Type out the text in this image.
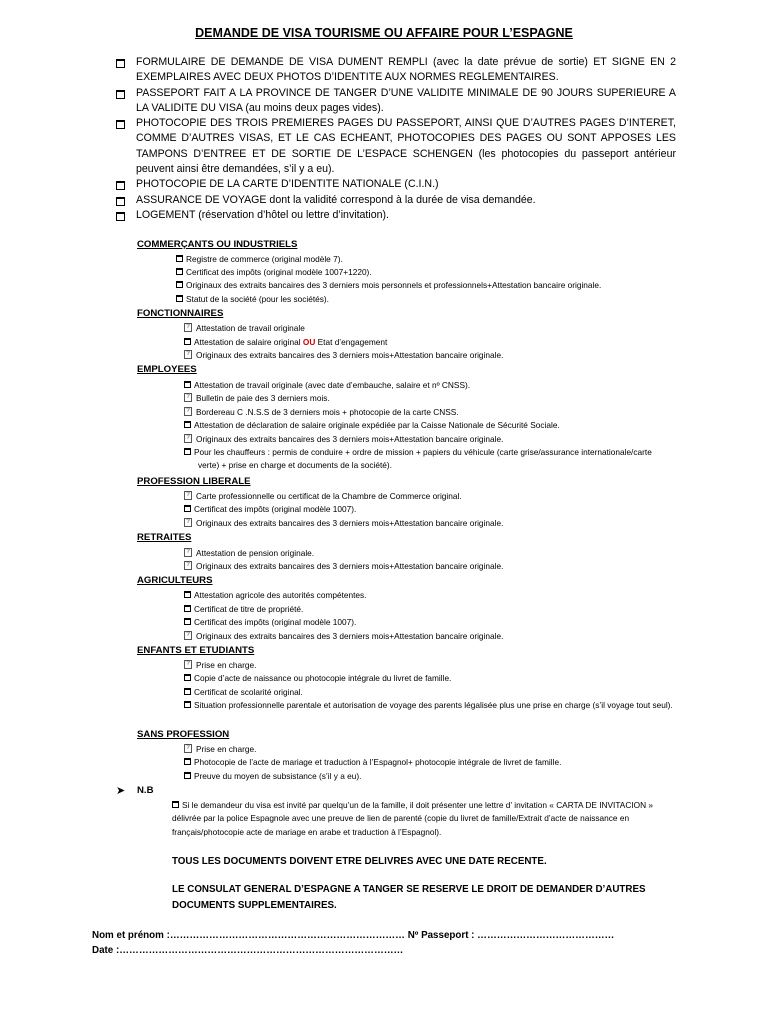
DEMANDE DE VISA TOURISME OU AFFAIRE POUR L’ESPAGNE
FORMULAIRE DE DEMANDE DE VISA DUMENT REMPLI (avec la date prévue de sortie) ET SIGNE EN 2 EXEMPLAIRES AVEC DEUX PHOTOS D’IDENTITE AUX NORMES REGLEMENTAIRES.
PASSEPORT FAIT A LA PROVINCE DE TANGER D’UNE VALIDITE MINIMALE DE 90 JOURS SUPERIEURE A LA VALIDITE DU VISA (au moins deux pages vides).
PHOTOCOPIE DES TROIS PREMIERES PAGES DU PASSEPORT, AINSI QUE D’AUTRES PAGES D’INTERET, COMME D’AUTRES VISAS, ET LE CAS ECHEANT, PHOTOCOPIES DES PAGES OU SONT APPOSES LES TAMPONS D’ENTREE ET DE SORTIE DE L’ESPACE SCHENGEN (les photocopies du passeport antérieur peuvent ainsi être demandées, s’il y a eu).
PHOTOCOPIE DE LA CARTE D’IDENTITE NATIONALE (C.I.N.)
ASSURANCE DE VOYAGE dont la validité correspond à la durée de visa demandée.
LOGEMENT (réservation d’hôtel ou lettre d’invitation).
COMMERÇANTS OU INDUSTRIELS
Registre de commerce (original modèle 7).
Certificat des impôts (original modèle 1007+1220).
Originaux des extraits bancaires des 3 derniers mois personnels et professionnels+Attestation bancaire originale.
Statut de la société (pour les sociétés).
FONCTIONNAIRES
?Attestation de travail originale
Attestation de salaire original OU Etat d’engagement
?Originaux des extraits bancaires des 3 derniers mois+Attestation bancaire originale.
EMPLOYEES
Attestation de travail originale (avec date d’embauche, salaire et nº CNSS).
?Bulletin de paie des 3 derniers mois.
?Bordereau C .N.S.S de 3 derniers mois + photocopie de la carte CNSS.
Attestation de déclaration de salaire originale expédiée par la Caisse Nationale de Sécurité Sociale.
?Originaux des extraits bancaires des 3 derniers mois+Attestation bancaire originale.
Pour les chauffeurs : permis de conduire + ordre de mission + papiers du véhicule (carte grise/assurance internationale/carte verte) + prise en charge et documents de la société).
PROFESSION LIBERALE
?Carte professionnelle ou certificat de la Chambre de Commerce original.
Certificat des impôts (original modèle 1007).
?Originaux des extraits bancaires des 3 derniers mois+Attestation bancaire originale.
RETRAITES
?Attestation de pension originale.
?Originaux des extraits bancaires des 3 derniers mois+Attestation bancaire originale.
AGRICULTEURS
Attestation agricole des autorités compétentes.
Certificat de titre de propriété.
Certificat des impôts (original modèle 1007).
?Originaux des extraits bancaires des 3 derniers mois+Attestation bancaire originale.
ENFANTS ET ETUDIANTS
?Prise en charge.
Copie d’acte de naissance ou photocopie intégrale du livret de famille.
Certificat de scolarité original.
Situation professionnelle parentale et autorisation de voyage des parents légalisée plus une prise en charge (s’il voyage tout seul).
SANS PROFESSION
?Prise en charge.
Photocopie de l’acte de mariage et traduction à l’Espagnol+ photocopie intégrale de livret de famille.
Preuve du moyen de subsistance (s’il y a eu).
➤ N.B
Si le demandeur du visa est invité par quelqu’un de la famille, il doit présenter une lettre d’ invitation « CARTA DE INVITACION » délivrée par la police Espagnole avec une preuve de lien de parenté (copie du livret de famille/Extrait d’acte de naissance en français/photocopie acte de mariage en arabe et traduction à l’Espagnol).
TOUS LES DOCUMENTS DOIVENT ETRE DELIVRES AVEC UNE DATE RECENTE.
LE CONSULAT GENERAL D’ESPAGNE A TANGER SE RESERVE LE DROIT DE DEMANDER D’AUTRES DOCUMENTS SUPPLEMENTAIRES.
Nom et prénom :……………………………………………………………… Nº Passeport : ……………………………………
Date :……………………………………………………………………………
